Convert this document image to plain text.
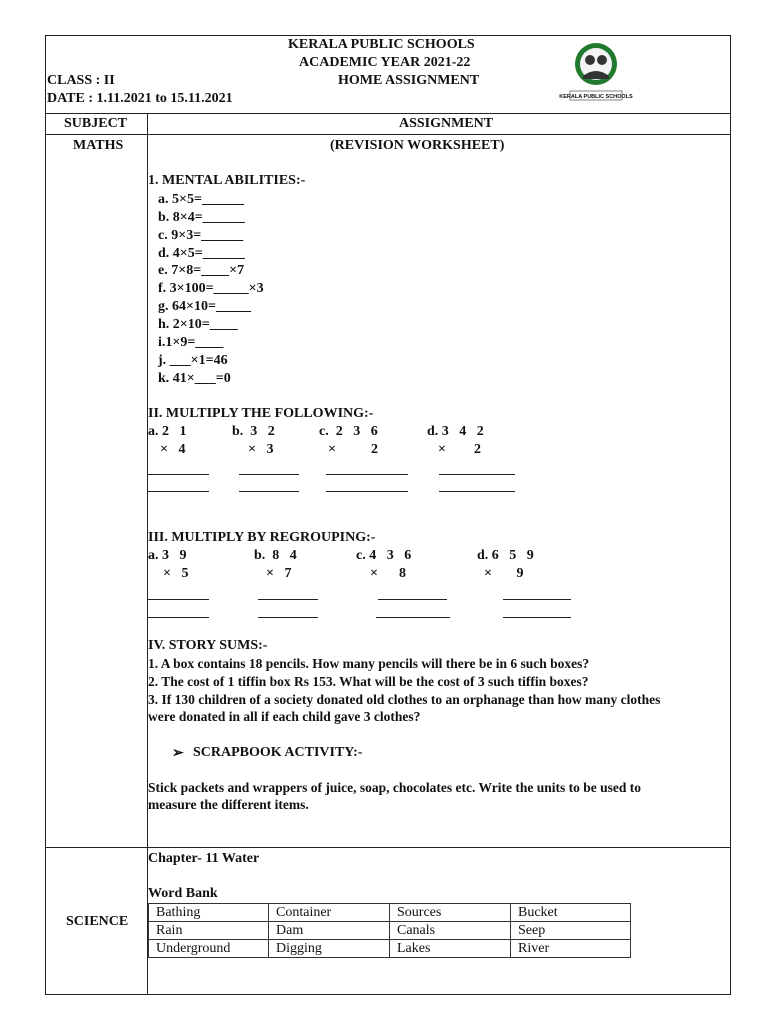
KERALA PUBLIC SCHOOLS
ACADEMIC YEAR 2021-22
HOME ASSIGNMENT
CLASS : II
DATE : 1.11.2021 to 15.11.2021	KERALA PUBLIC SCHOOLS
SUBJECT	ASSIGNMENT
MATHS	(REVISION WORKSHEET)
1. MENTAL ABILITIES:-
a. 5×5=______
b. 8×4=______
c. 9×3=______
d. 4×5=______
e. 7×8=____×7
f. 3×100=_____×3
g. 64×10=_____
h. 2×10=____
i.1×9=____
j. ___×1=46
k. 41×___=0
II. MULTIPLY THE FOLLOWING:-
a. 2   1
×   4
b.  3   2
×   3
c.  2   3   6
×          2
d. 3   4   2
×        2
III. MULTIPLY BY REGROUPING:-
a. 3   9
×   5
b.  8   4
×   7
c. 4   3   6
×      8
d. 6   5   9
×       9
IV. STORY SUMS:-
1. A box contains 18 pencils. How many pencils will there be in 6 such boxes?
2. The cost of 1 tiffin box Rs 153. What will be the cost of 3 such tiffin boxes?
3. If 130 children of a society donated old clothes to an orphanage than how many clothes
were donated in all if each child gave 3 clothes?
➢ SCRAPBOOK ACTIVITY:-
Stick packets and wrappers of juice, soap, chocolates etc. Write the units to be used to
measure the different items.
SCIENCE
Chapter- 11 Water
Word Bank
Bathing	Container	Sources	Bucket
Rain	Dam	Canals	Seep
Underground	Digging	Lakes	River
